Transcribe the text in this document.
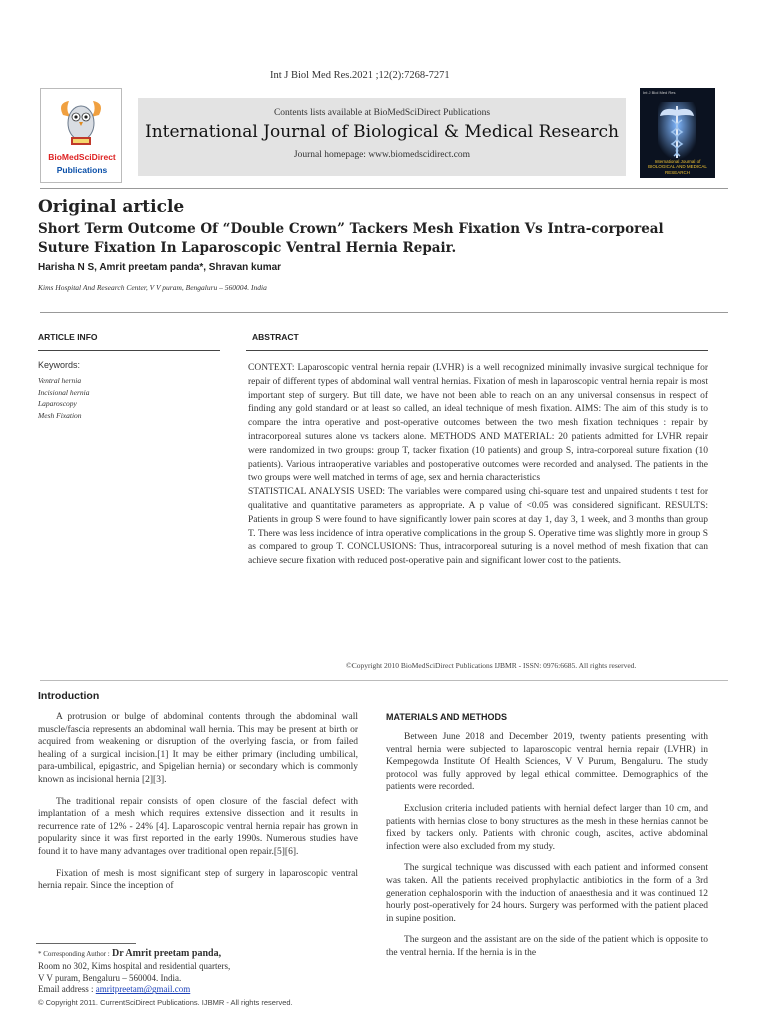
Int J Biol Med Res.2021 ;12(2):7268-7271
BioMedSciDirect
Publications
Contents lists available at BioMedSciDirect Publications
International Journal of Biological & Medical Research
Journal homepage: www.biomedscidirect.com
Int J Biol Med Res
International Journal of BIOLOGICAL AND MEDICAL RESEARCH
Original article
Short Term Outcome Of “Double Crown” Tackers Mesh Fixation Vs Intra-corporeal Suture Fixation In Laparoscopic Ventral Hernia Repair.
Harisha N S, Amrit preetam panda*, Shravan kumar
Kims Hospital And Research Center, V V puram, Bengaluru – 560004. India
ARTICLE INFO	ABSTRACT
Keywords:
Ventral hernia
Incisional hernia
Laparoscopy
Mesh Fixation

CONTEXT: Laparoscopic ventral hernia repair (LVHR) is a well recognized minimally invasive surgical technique for repair of different types of abdominal wall ventral hernias. Fixation of mesh in laparoscopic ventral hernia repair is most important step of surgery. But till date, we have not been able to reach on an any universal consensus in respect of finding any gold standard or at least so called, an ideal technique of mesh fixation. AIMS: The aim of this study is to compare the intra operative and post-operative outcomes between the two mesh fixation techniques : repair by intracorporeal sutures alone vs tackers alone. METHODS AND MATERIAL: 20 patients admitted for LVHR repair were randomized in two groups: group T, tacker fixation (10 patients) and group S, intra-corporeal suture fixation (10 patients). Various intraoperative variables and postoperative outcomes were recorded and analysed. The patients in the two groups were well matched in terms of age, sex and hernia characteristics

STATISTICAL ANALYSIS USED: The variables were compared using chi-square test and unpaired students t test for qualitative and quantitative parameters as appropriate. A p value of <0.05 was considered significant. RESULTS: Patients in group S were found to have significantly lower pain scores at day 1, day 3, 1 week, and 3 months than group T. There was less incidence of intra operative complications in the group S. Operative time was slightly more in group S as compared to group T. CONCLUSIONS: Thus, intracorporeal suturing is a novel method of mesh fixation that can achieve secure fixation with reduced post-operative pain and significant lower cost to the patients.

©Copyright 2010 BioMedSciDirect Publications IJBMR - ISSN: 0976:6685. All rights reserved.
Introduction

A protrusion or bulge of abdominal contents through the abdominal wall muscle/fascia represents an abdominal wall hernia. This may be present at birth or acquired from weakening or disruption of the overlying fascia, or from failed healing of a surgical incision.[1] It may be either primary (including umbilical, para-umbilical, epigastric, and Spigelian hernia) or secondary which is commonly known as incisional hernia [2][3].

The traditional repair consists of open closure of the fascial defect with implantation of a mesh which requires extensive dissection and it results in recurrence rate of 12% - 24% [4]. Laparoscopic ventral hernia repair has grown in popularity since it was first reported in the early 1990s. Numerous studies have found it to have many advantages over traditional open repair.[5][6].

Fixation of mesh is most significant step of surgery in laparoscopic ventral hernia repair. Since the inception of

MATERIALS AND METHODS

Between June 2018 and December 2019, twenty patients presenting with ventral hernia were subjected to laparoscopic ventral hernia repair (LVHR) in Kempegowda Institute Of Health Sciences, V V Purum, Bengaluru. The study protocol was fully approved by legal ethical committee. Demographics of the patients were recorded.

Exclusion criteria included patients with hernial defect larger than 10 cm, and patients with hernias close to bony structures as the mesh in these hernias cannot be fixed by tackers only. Patients with chronic cough, ascites, active abdominal infection were also excluded from my study.

The surgical technique was discussed with each patient and informed consent was taken. All the patients received prophylactic antibiotics in the form of a 3rd generation cephalosporin with the induction of anaesthesia and it was continued 12 hourly post-operatively for 24 hours. Surgery was performed with the patient placed in supine position.

The surgeon and the assistant are on the side of the patient which is opposite to the ventral hernia. If the hernia is in the

* Corresponding Author : Dr Amrit preetam panda,
Room no 302, Kims hospital and residential quarters,
V V puram, Bengaluru – 560004. India.
Email address : amritpreetam@gmail.com
© Copyright 2011. CurrentSciDirect Publications. IJBMR - All rights reserved.
